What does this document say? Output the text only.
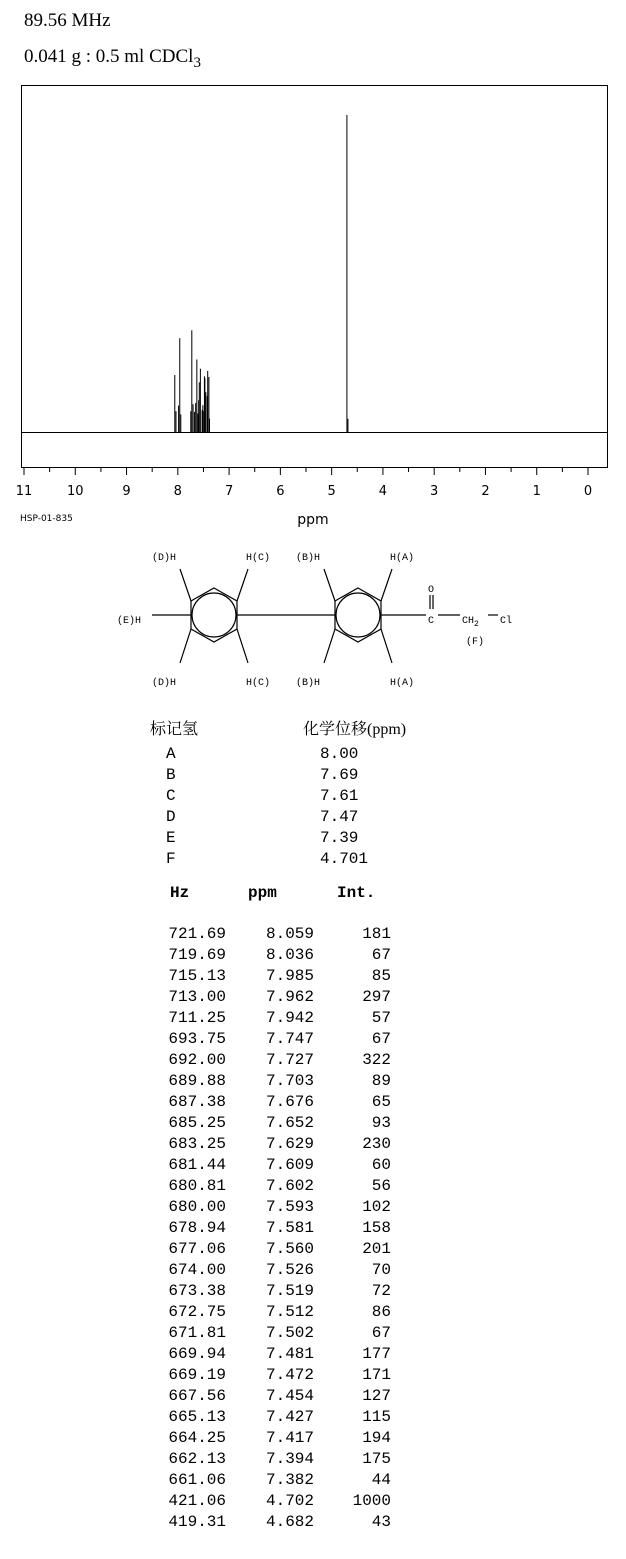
89.56 MHz
0.041 g : 0.5 ml CDCl$_3$
11	10	9	8	7	6	5	4	3	2	1	0
ppm
HSP-01-835
(D)H	H(C)	(B)H	H(A)
(E)H
(D)H	H(C)	(B)H	H(A)
O
C	$CH_2$ Cl
(F)
标记氢	化学位移(ppm)
A	8.00
B	7.69
C	7.61
D	7.47
E	7.39
F	4.701
Hz	ppm	Int.
721.69	8.059	181
719.69	8.036	67
715.13	7.985	85
713.00	7.962	297
711.25	7.942	57
693.75	7.747	67
692.00	7.727	322
689.88	7.703	89
687.38	7.676	65
685.25	7.652	93
683.25	7.629	230
681.44	7.609	60
680.81	7.602	56
680.00	7.593	102
678.94	7.581	158
677.06	7.560	201
674.00	7.526	70
673.38	7.519	72
672.75	7.512	86
671.81	7.502	67
669.94	7.481	177
669.19	7.472	171
667.56	7.454	127
665.13	7.427	115
664.25	7.417	194
662.13	7.394	175
661.06	7.382	44
421.06	4.702	1000
419.31	4.682	43
